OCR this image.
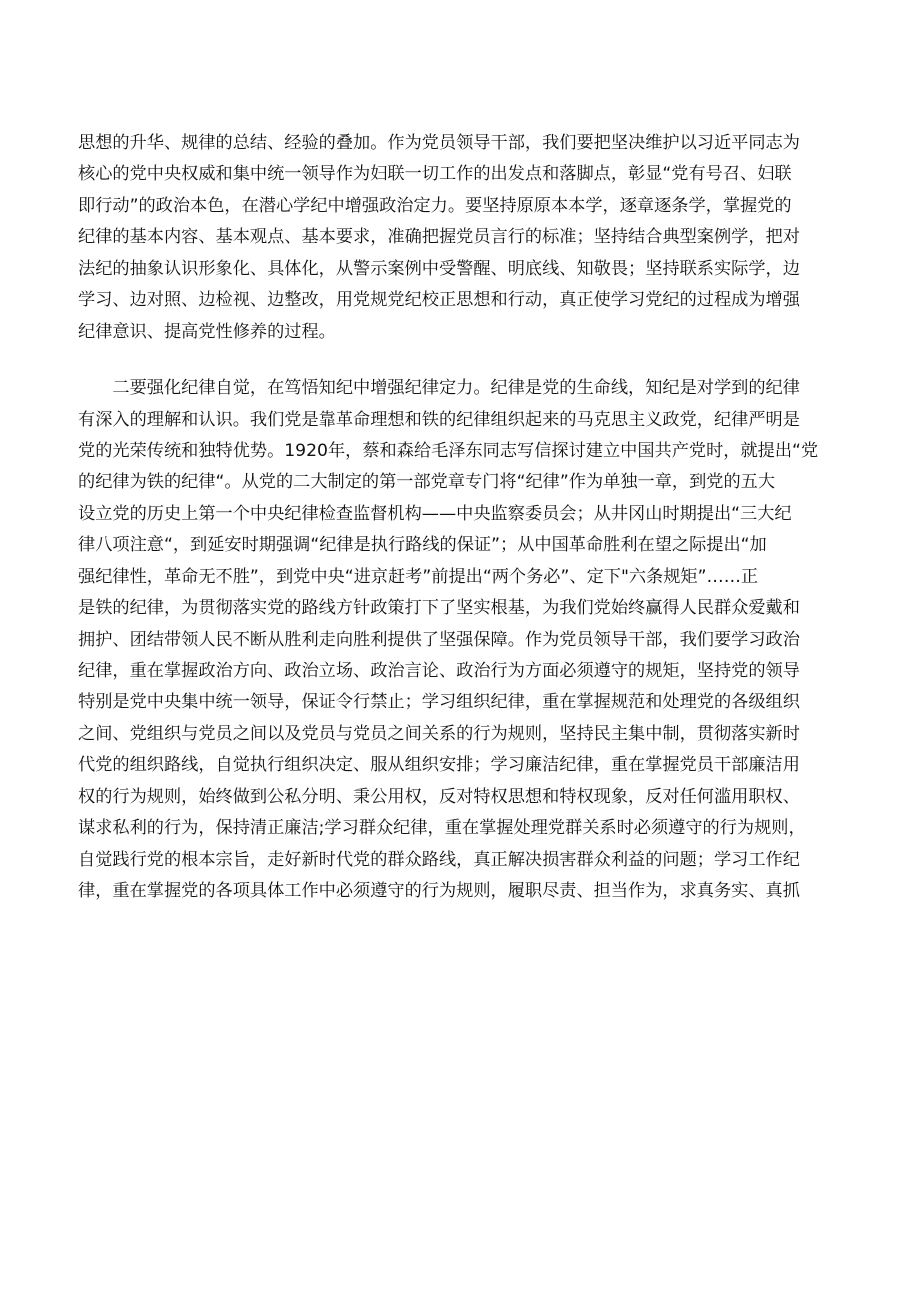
思想的升华、规律的总结、经验的叠加。作为党员领导干部，我们要把坚决维护以习近平同志为
核心的党中央权威和集中统一领导作为妇联一切工作的出发点和落脚点，彰显“党有号召、妇联
即行动”的政治本色，在潜心学纪中增强政治定力。要坚持原原本本学，逐章逐条学，掌握党的
纪律的基本内容、基本观点、基本要求，准确把握党员言行的标准；坚持结合典型案例学，把对
法纪的抽象认识形象化、具体化，从警示案例中受警醒、明底线、知敬畏；坚持联系实际学，边
学习、边对照、边检视、边整改，用党规党纪校正思想和行动，真正使学习党纪的过程成为增强
纪律意识、提高党性修养的过程。
　　二要强化纪律自觉，在笃悟知纪中增强纪律定力。纪律是党的生命线，知纪是对学到的纪律
有深入的理解和认识。我们党是靠革命理想和铁的纪律组织起来的马克思主义政党，纪律严明是
党的光荣传统和独特优势。1920年，蔡和森给毛泽东同志写信探讨建立中国共产党时，就提出“党
的纪律为铁的纪律“。从党的二大制定的第一部党章专门将“纪律”作为单独一章，到党的五大
设立党的历史上第一个中央纪律检查监督机构——中央监察委员会；从井冈山时期提出“三大纪
律八项注意“，到延安时期强调“纪律是执行路线的保证”；从中国革命胜利在望之际提出“加
强纪律性，革命无不胜”，到党中央“进京赶考”前提出“两个务必”、定下"六条规矩”……正
是铁的纪律，为贯彻落实党的路线方针政策打下了坚实根基，为我们党始终赢得人民群众爱戴和
拥护、团结带领人民不断从胜利走向胜利提供了坚强保障。作为党员领导干部，我们要学习政治
纪律，重在掌握政治方向、政治立场、政治言论、政治行为方面必须遵守的规矩，坚持党的领导
特别是党中央集中统一领导，保证令行禁止；学习组织纪律，重在掌握规范和处理党的各级组织
之间、党组织与党员之间以及党员与党员之间关系的行为规则，坚持民主集中制，贯彻落实新时
代党的组织路线，自觉执行组织决定、服从组织安排；学习廉洁纪律，重在掌握党员干部廉洁用
权的行为规则，始终做到公私分明、秉公用权，反对特权思想和特权现象，反对任何滥用职权、
谋求私利的行为，保持清正廉洁;学习群众纪律，重在掌握处理党群关系时必须遵守的行为规则，
自觉践行党的根本宗旨，走好新时代党的群众路线，真正解决损害群众利益的问题；学习工作纪
律，重在掌握党的各项具体工作中必须遵守的行为规则，履职尽责、担当作为，求真务实、真抓
